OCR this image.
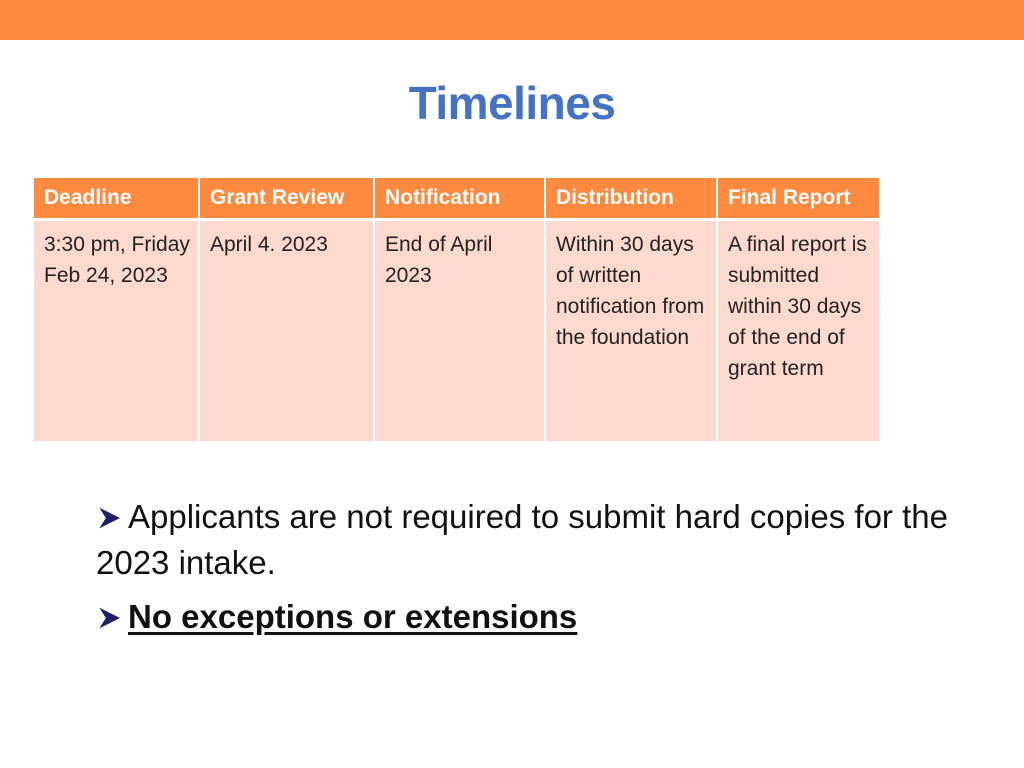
Timelines
Deadline	Grant Review	Notification	Distribution	Final Report
3:30 pm, Friday Feb 24, 2023	April 4. 2023	End of April 2023	Within 30 days of written notification from the foundation	A final report is submitted within 30 days of the end of grant term
Applicants are not required to submit hard copies for the 2023 intake.
No exceptions or extensions
